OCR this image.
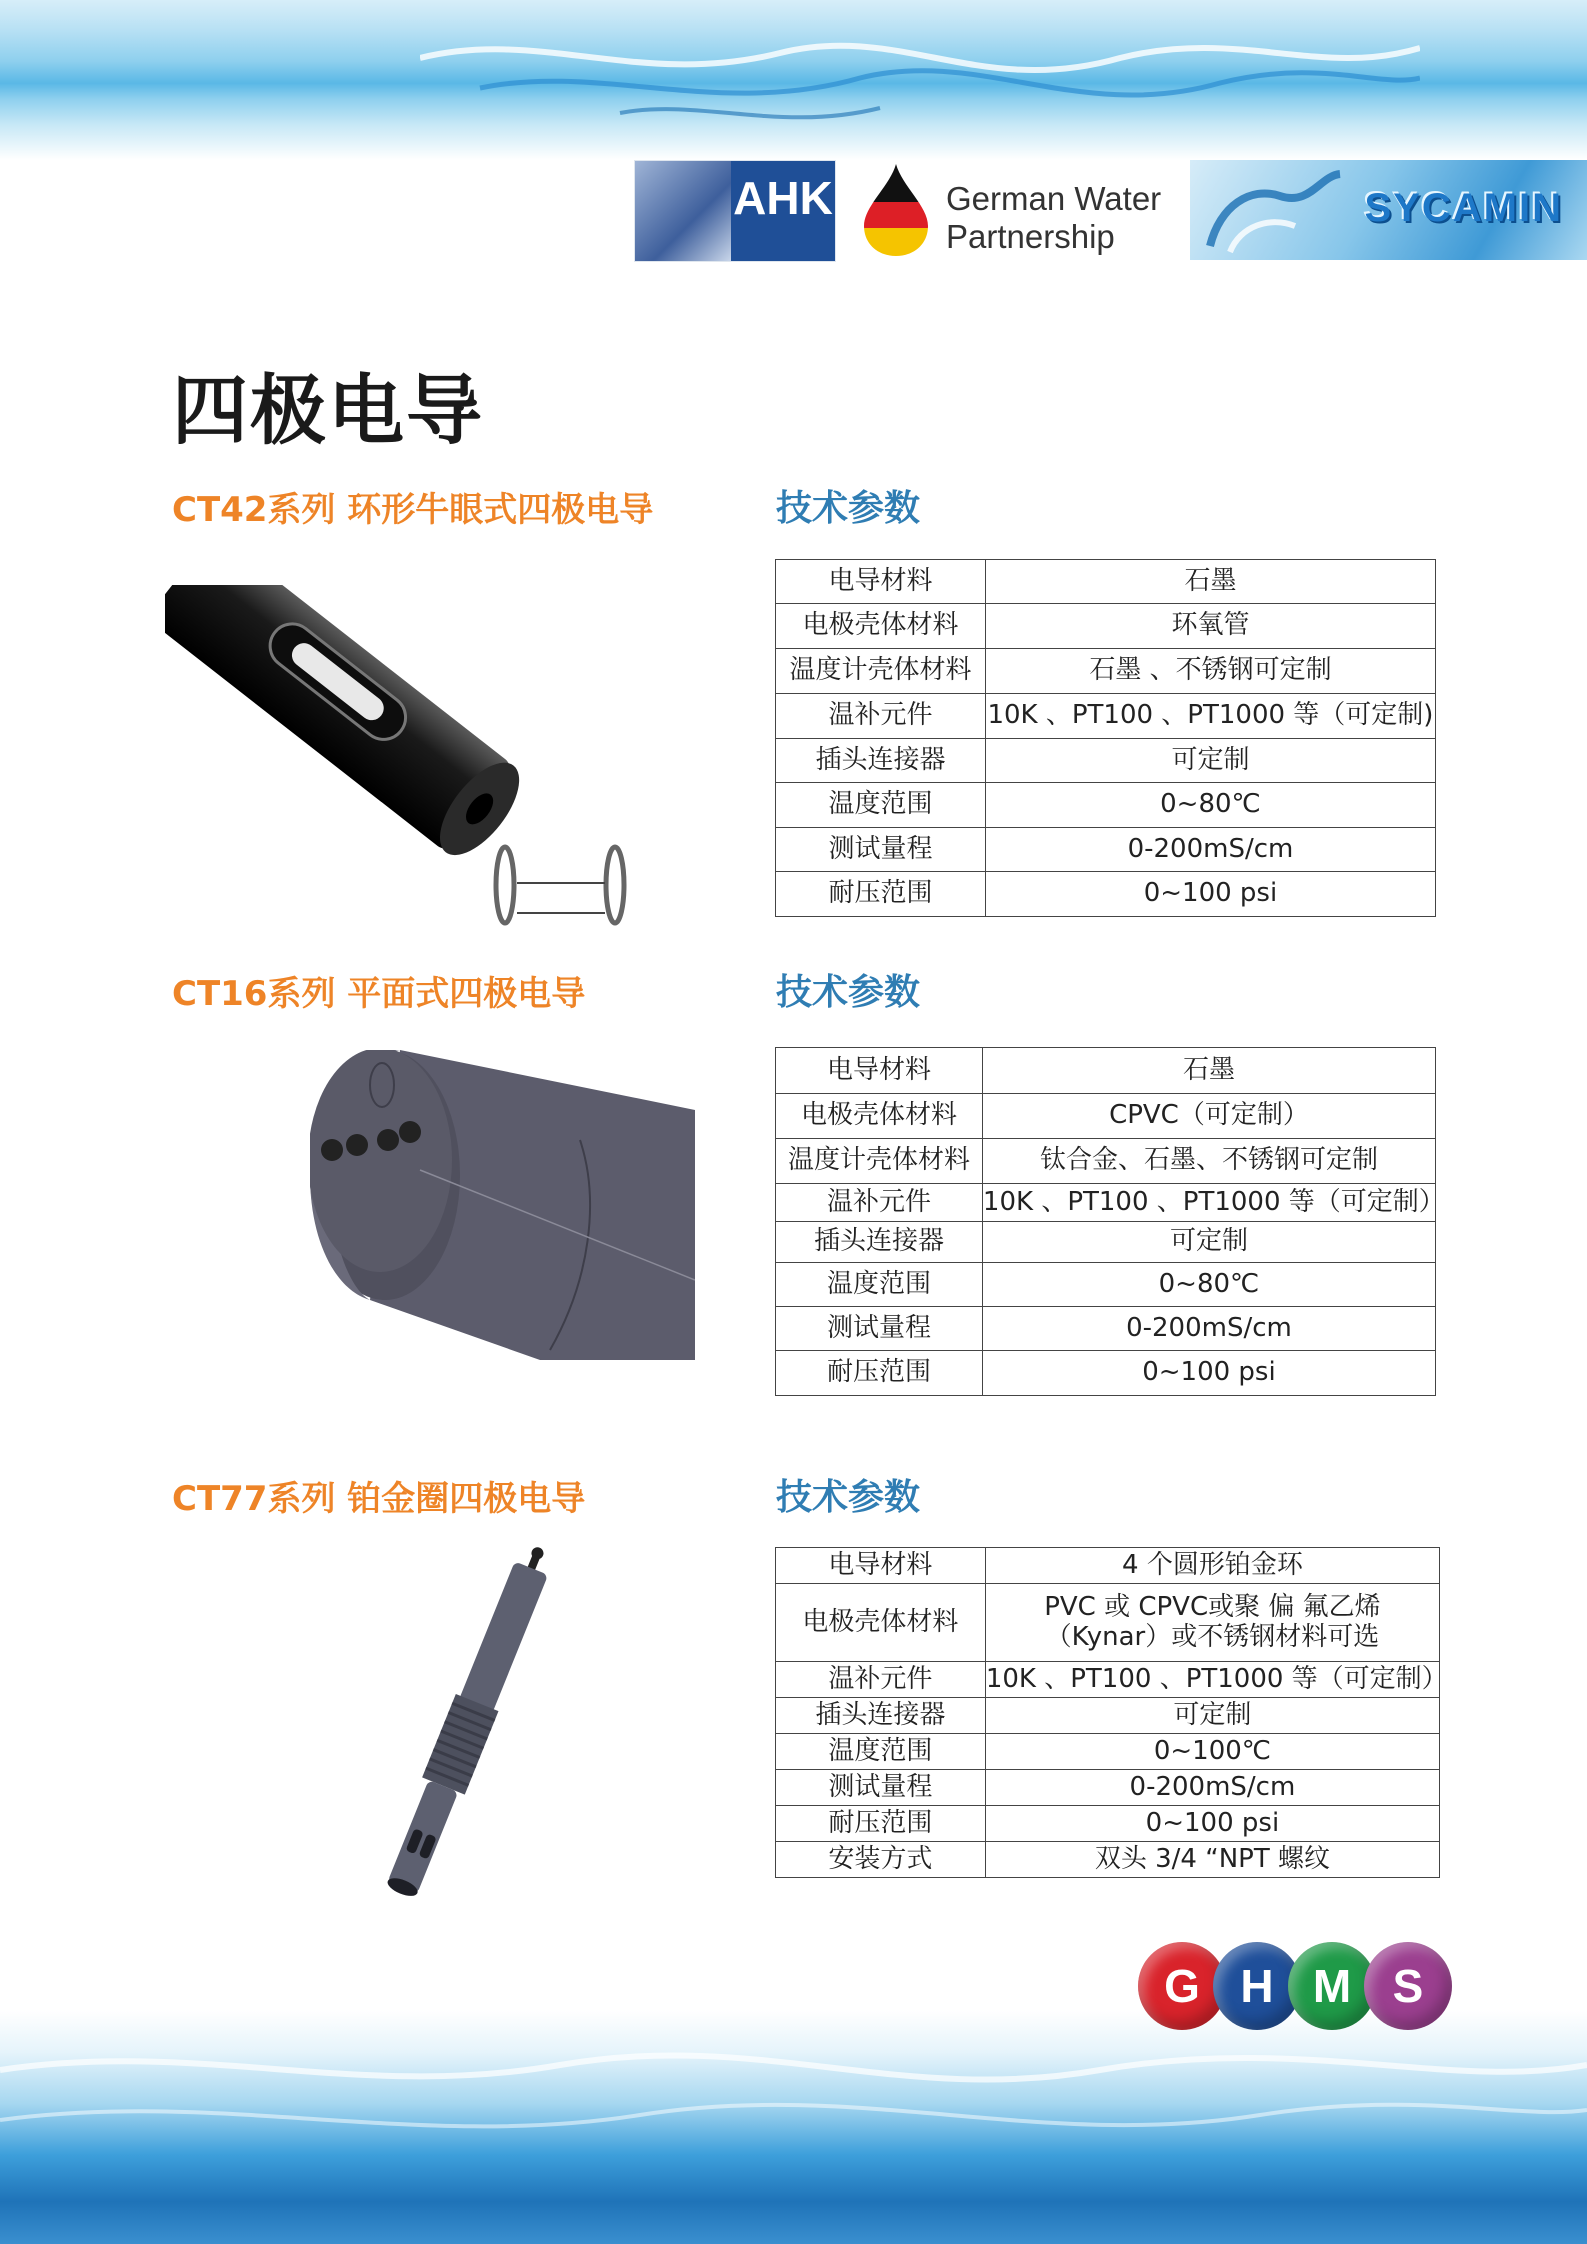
AHK	German Water
Partnership
SYCAMIN
四极电导
CT42系列 环形牛眼式四极电导	技术参数
电导材料	石墨
电极壳体材料	环氧管
温度计壳体材料	石墨 、不锈钢可定制
温补元件	10K 、PT100 、PT1000 等（可定制)
插头连接器	可定制
温度范围	0~80℃
测试量程	0-200mS/cm
耐压范围	0~100 psi
CT16系列 平面式四极电导	技术参数
电导材料	石墨
电极壳体材料	CPVC（可定制）
温度计壳体材料	钛合金、石墨、不锈钢可定制
温补元件	10K 、PT100 、PT1000 等（可定制）
插头连接器	可定制
温度范围	0~80℃
测试量程	0-200mS/cm
耐压范围	0~100 psi
CT77系列 铂金圈四极电导	技术参数
电导材料	4 个圆形铂金环
电极壳体材料	PVC 或 CPVC或聚 偏 氟乙烯
（Kynar）或不锈钢材料可选

温补元件	10K 、PT100 、PT1000 等（可定制）
插头连接器	可定制
温度范围	0~100℃
测试量程	0-200mS/cm
耐压范围	0~100 psi
安装方式	双头 3/4 “NPT 螺纹
G H M S
